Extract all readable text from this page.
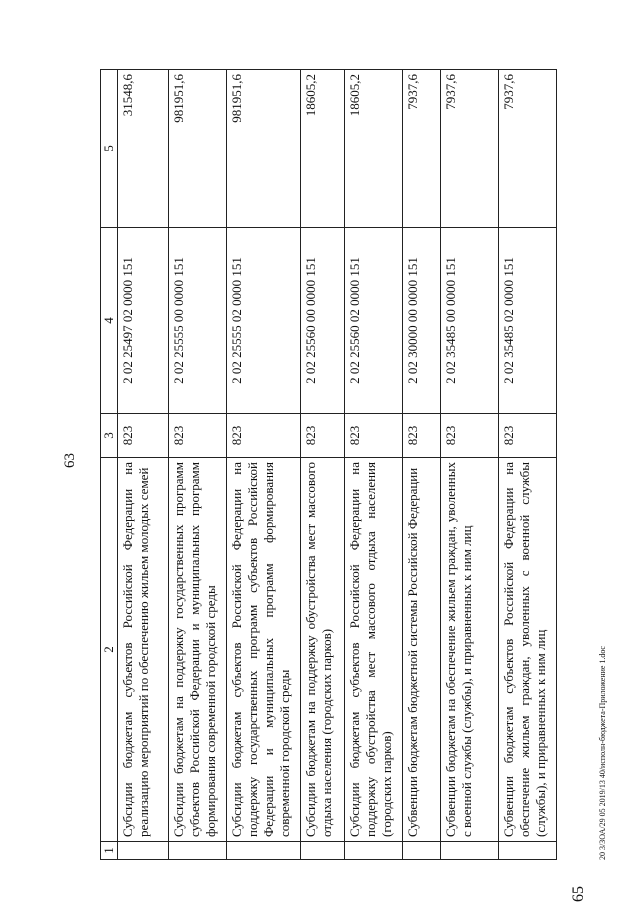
63
65
20 3/ЗОА/29 05 2019/13 40/исполн-бюджета-Приложение 1.doc
1	2	3	4	5
	Субсидии бюджетам субъектов Российской Федерации на реализацию мероприятий по обеспечению жильем молодых семей	823	2 02 25497 02 0000 151	31548,6
	Субсидии бюджетам на поддержку государственных программ субъектов Российской Федерации и муниципальных программ формирования современной городской среды	823	2 02 25555 00 0000 151	981951,6
	Субсидии бюджетам субъектов Российской Федерации на поддержку государственных программ субъектов Российской Федерации и муниципальных программ формирования современной городской среды	823	2 02 25555 02 0000 151	981951,6
	Субсидии бюджетам на поддержку обустройства мест массового отдыха населения (городских парков)	823	2 02 25560 00 0000 151	18605,2
	Субсидии бюджетам субъектов Российской Федерации на поддержку обустройства мест массового отдыха населения (городских парков)	823	2 02 25560 02 0000 151	18605,2
	Субвенции бюджетам бюджетной системы Российской Федерации	823	2 02 30000 00 0000 151	7937,6
	Субвенции бюджетам на обеспечение жильем граждан, уволенных с военной службы (службы), и приравненных к ним лиц	823	2 02 35485 00 0000 151	7937,6
	Субвенции бюджетам субъектов Российской Федерации на обеспечение жильем граждан, уволенных с военной службы (службы), и приравненных к ним лиц	823	2 02 35485 02 0000 151	7937,6
